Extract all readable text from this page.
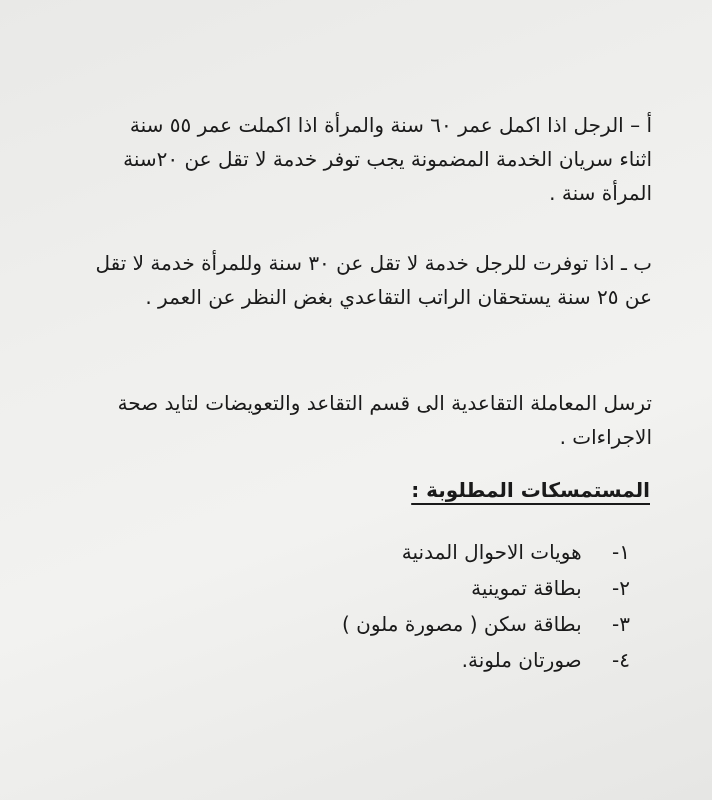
أ – الرجل اذا اكمل عمر ٦٠ سنة والمرأة اذا اكملت عمر ٥٥ سنة
اثناء سريان الخدمة المضمونة يجب توفر خدمة لا تقل عن ٢٠سنة
المرأة سنة .
ب ـ اذا توفرت للرجل خدمة لا تقل عن ٣٠ سنة وللمرأة خدمة لا تقل
عن ٢٥ سنة يستحقان الراتب التقاعدي بغض النظر عن العمر .
ترسل المعاملة التقاعدية الى قسم التقاعد والتعويضات لتايد صحة
الاجراءات .
المستمسكات المطلوبة :
١- هويات الاحوال المدنية
٢- بطاقة تموينية
٣- بطاقة سكن ( مصورة ملون )
٤- صورتان ملونة.
